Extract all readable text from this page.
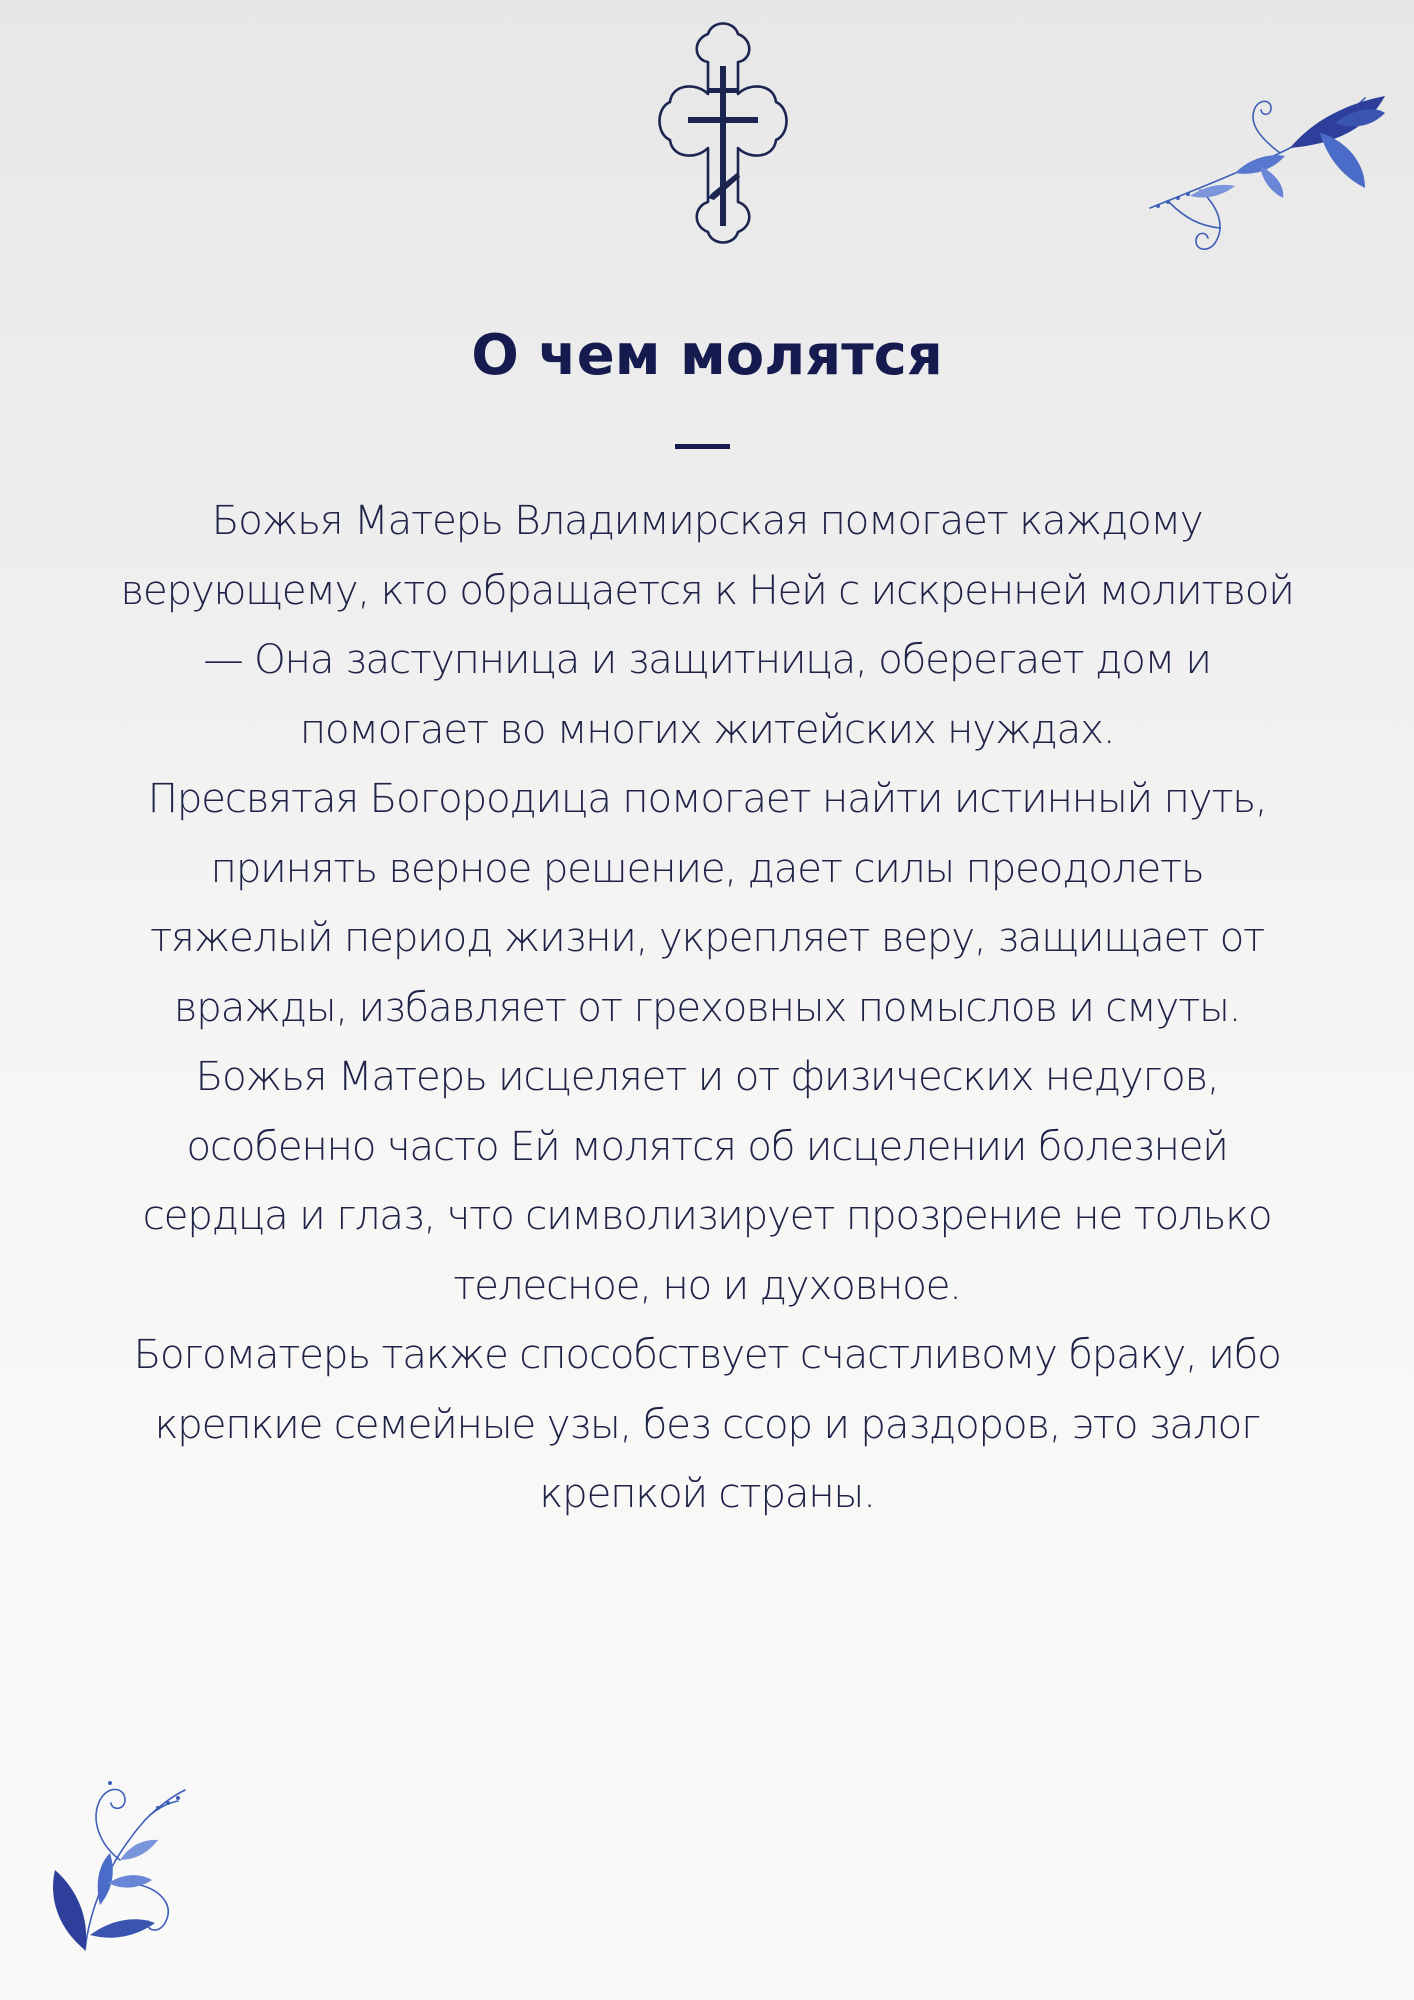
О чем молятся
Божья Матерь Владимирская помогает каждому
верующему, кто обращается к Ней с искренней молитвой
— Она заступница и защитница, оберегает дом и
помогает во многих житейских нуждах.
Пресвятая Богородица помогает найти истинный путь,
принять верное решение, дает силы преодолеть
тяжелый период жизни, укрепляет веру, защищает от
вражды, избавляет от греховных помыслов и смуты.
Божья Матерь исцеляет и от физических недугов,
особенно часто Ей молятся об исцелении болезней
сердца и глаз, что символизирует прозрение не только
телесное, но и духовное.
Богоматерь также способствует счастливому браку, ибо
крепкие семейные узы, без ссор и раздоров, это залог
крепкой страны.
